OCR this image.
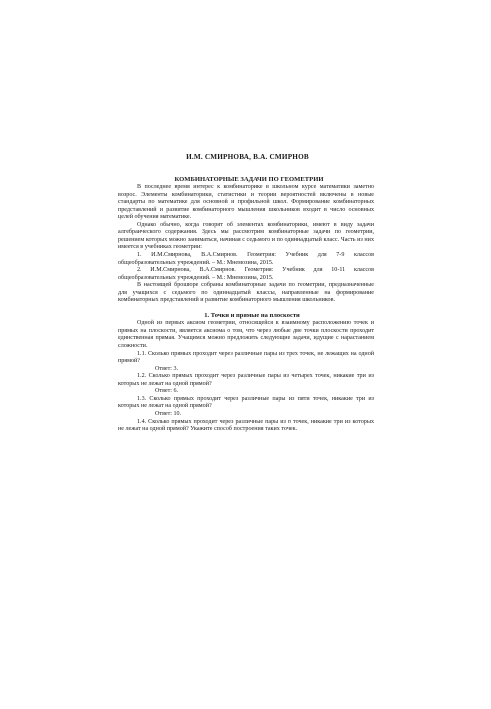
И.М. СМИРНОВА, В.А. СМИРНОВ
КОМБИНАТОРНЫЕ ЗАДАЧИ ПО ГЕОМЕТРИИ

В последнее время интерес к комбинаторике в школьном курсе математики заметно возрос. Элементы комбинаторики, статистики и теории вероятностей включены в новые стандарты по математике для основной и профильной школ. Формирование комбинаторных представлений и развитие комбинаторного мышления школьников входит в число основных целей обучения математике.

Однако обычно, когда говорят об элементах комбинаторики, имеют в виду задачи алгебраического содержания. Здесь мы рассмотрим комбинаторные задачи по геометрии, решением которых можно заниматься, начиная с седьмого и по одиннадцатый класс. Часть из них имеется в учебниках геометрии:

1. И.М.Смирнова, В.А.Смирнов. Геометрия: Учебник для 7-9 классов общеобразовательных учреждений. – М.: Мнемозина, 2015.

2. И.М.Смирнова, В.А.Смирнов. Геометрия: Учебник для 10-11 классов общеобразовательных учреждений. – М.: Мнемозина, 2015.

В настоящей брошюре собраны комбинаторные задачи по геометрии, предназначенные для учащихся с седьмого по одиннадцатый классы, направленные на формирование комбинаторных представлений и развитие комбинаторного мышления школьников.

1. Точки и прямые на плоскости

Одной из первых аксиом геометрии, относящейся к взаимному расположению точек и прямых на плоскости, является аксиома о том, что через любые две точки плоскости проходит единственная прямая. Учащимся можно предложить следующие задачи, идущие с нарастанием сложности.

1.1. Сколько прямых проходит через различные пары из трех точек, не лежащих на одной прямой?

Ответ: 3.

1.2. Сколько прямых проходит через различные пары из четырех точек, никакие три из которых не лежат на одной прямой?

Ответ: 6.

1.3. Сколько прямых проходит через различные пары из пяти точек, никакие три из которых не лежат на одной прямой?

Ответ: 10.

1.4. Сколько прямых проходит через различные пары из n точек, никакие три из которых не лежат на одной прямой? Укажите способ построения таких точек.
